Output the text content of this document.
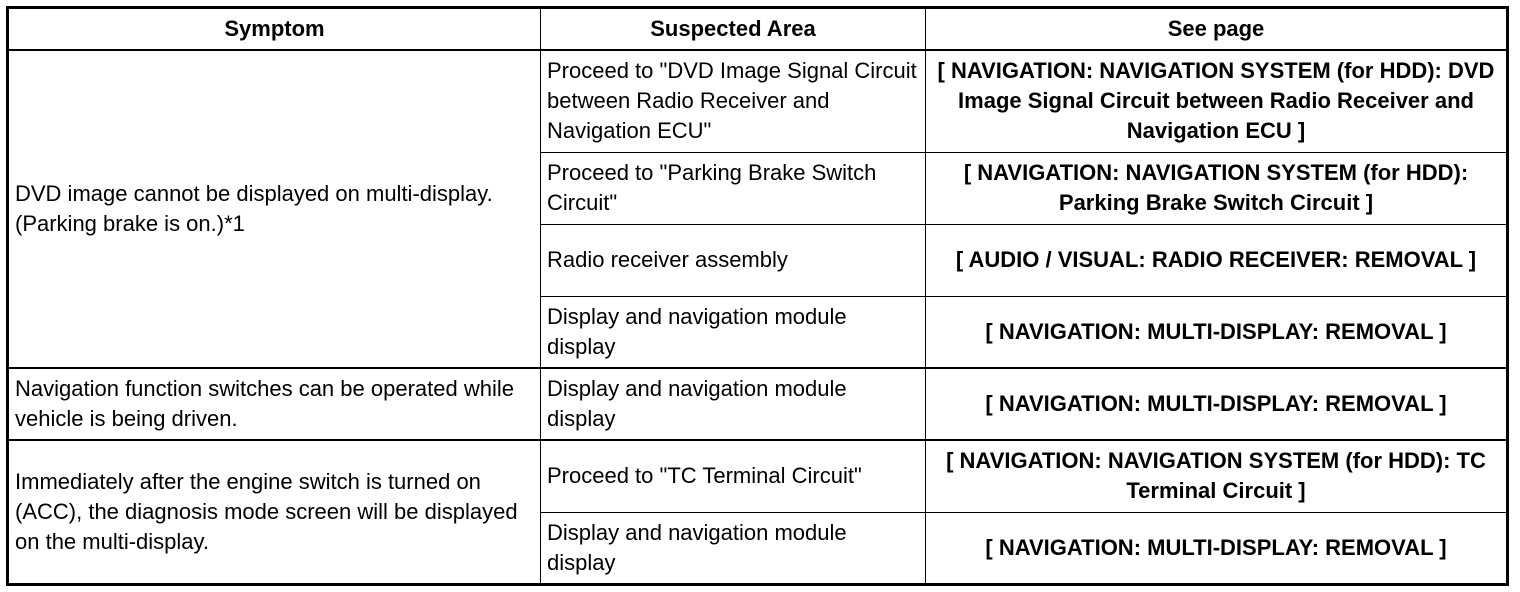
Symptom	Suspected Area	See page
DVD image cannot be displayed on multi-display. (Parking brake is on.)*1	Proceed to "DVD Image Signal Circuit between Radio Receiver and Navigation ECU"	[ NAVIGATION: NAVIGATION SYSTEM (for HDD): DVD Image Signal Circuit between Radio Receiver and Navigation ECU ]
	Proceed to "Parking Brake Switch Circuit"	[ NAVIGATION: NAVIGATION SYSTEM (for HDD): Parking Brake Switch Circuit ]
	Radio receiver assembly	[ AUDIO / VISUAL: RADIO RECEIVER: REMOVAL ]
	Display and navigation module display	[ NAVIGATION: MULTI-DISPLAY: REMOVAL ]
Navigation function switches can be operated while vehicle is being driven.	Display and navigation module display	[ NAVIGATION: MULTI-DISPLAY: REMOVAL ]
Immediately after the engine switch is turned on (ACC), the diagnosis mode screen will be displayed on the multi-display.	Proceed to "TC Terminal Circuit"	[ NAVIGATION: NAVIGATION SYSTEM (for HDD): TC Terminal Circuit ]
	Display and navigation module display	[ NAVIGATION: MULTI-DISPLAY: REMOVAL ]
